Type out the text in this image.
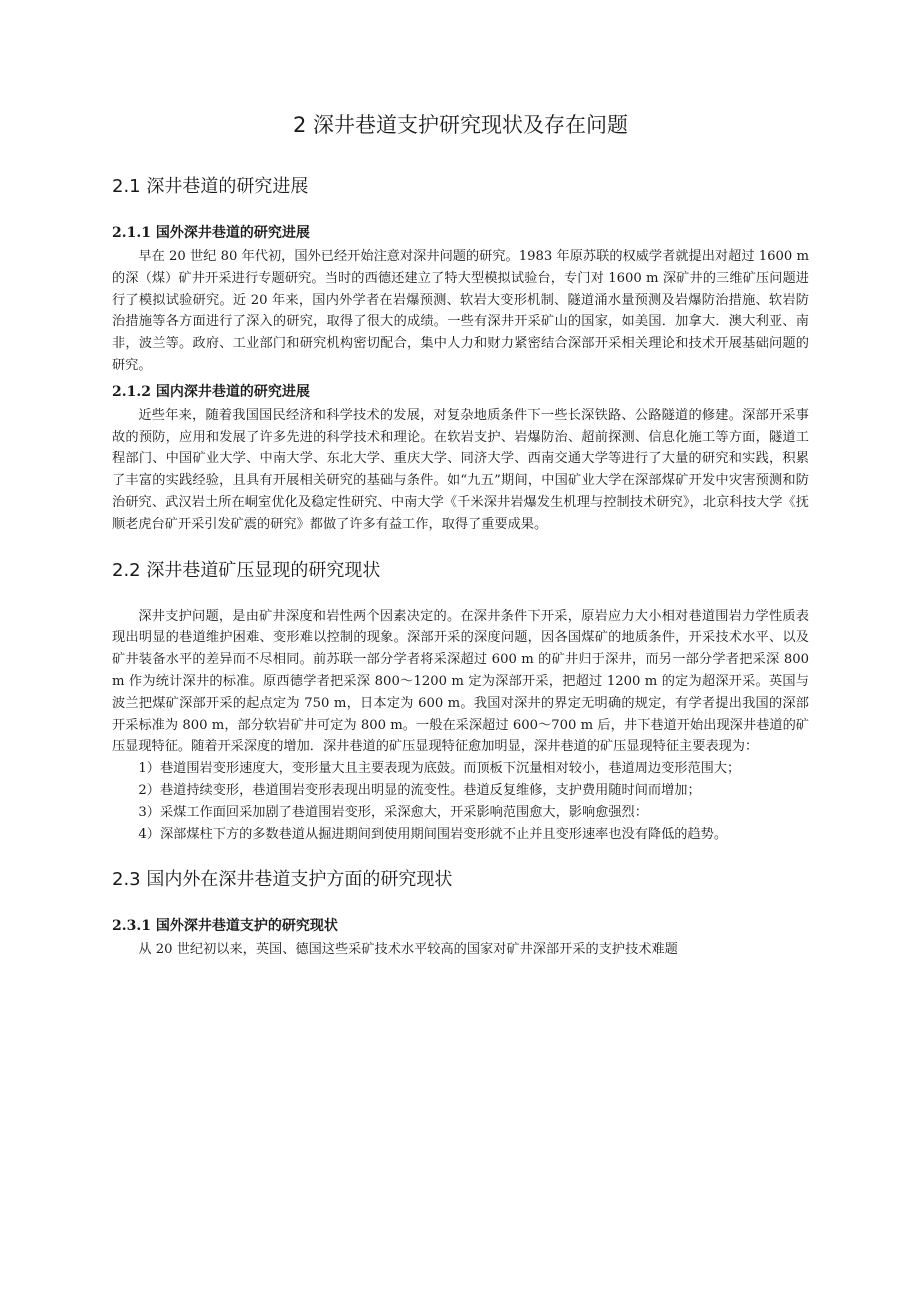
2 深井巷道支护研究现状及存在问题
2.1 深井巷道的研究进展
2.1.1 国外深井巷道的研究进展

早在 20 世纪 80 年代初，国外已经开始注意对深井问题的研究。1983 年原苏联的权威学者就提出对超过 1600 m 的深（煤）矿井开采进行专题研究。当时的西德还建立了特大型模拟试验台，专门对 1600 m 深矿井的三维矿压问题进行了模拟试验研究。近 20 年来，国内外学者在岩爆预测、软岩大变形机制、隧道涌水量预测及岩爆防治措施、软岩防治措施等各方面进行了深入的研究，取得了很大的成绩。一些有深井开采矿山的国家，如美国．加拿大．澳大利亚、南非，波兰等。政府、工业部门和研究机构密切配合，集中人力和财力紧密结合深部开采相关理论和技术开展基础问题的研究。

2.1.2 国内深井巷道的研究进展

近些年来，随着我国国民经济和科学技术的发展，对复杂地质条件下一些长深铁路、公路隧道的修建。深部开采事故的预防，应用和发展了许多先进的科学技术和理论。在软岩支护、岩爆防治、超前探测、信息化施工等方面，隧道工程部门、中国矿业大学、中南大学、东北大学、重庆大学、同济大学、西南交通大学等进行了大量的研究和实践，积累了丰富的实践经验，且具有开展相关研究的基础与条件。如“九五”期间，中国矿业大学在深部煤矿开发中灾害预测和防治研究、武汉岩土所在峒室优化及稳定性研究、中南大学《千米深井岩爆发生机理与控制技术研究》，北京科技大学《抚顺老虎台矿开采引发矿震的研究》都做了许多有益工作，取得了重要成果。

2.2 深井巷道矿压显现的研究现状

深井支护问题，是由矿井深度和岩性两个因素决定的。在深井条件下开采，原岩应力大小相对巷道围岩力学性质表现出明显的巷道维护困难、变形难以控制的现象。深部开采的深度问题，因各国煤矿的地质条件，开采技术水平、以及矿井装备水平的差异而不尽相同。前苏联一部分学者将采深超过 600 m 的矿井归于深井，而另一部分学者把采深 800 m 作为统计深井的标准。原西德学者把采深 800～1200 m 定为深部开采，把超过 1200 m 的定为超深开采。英国与波兰把煤矿深部开采的起点定为 750 m，日本定为 600 m。我国对深井的界定无明确的规定，有学者提出我国的深部开采标准为 800 m，部分软岩矿井可定为 800 m。一般在采深超过 600～700 m 后，井下巷道开始出现深井巷道的矿压显现特征。随着开采深度的增加．深井巷道的矿压显现特征愈加明显，深井巷道的矿压显现特征主要表现为：

1）巷道围岩变形速度大，变形量大且主要表现为底鼓。而顶板下沉量相对较小，巷道周边变形范围大；

2）巷道持续变形，巷道围岩变形表现出明显的流变性。巷道反复维修，支护费用随时间而增加；

3）采煤工作面回采加剧了巷道围岩变形，采深愈大，开采影响范围愈大，影响愈强烈：

4）深部煤柱下方的多数巷道从掘进期间到使用期间围岩变形就不止并且变形速率也没有降低的趋势。

2.3 国内外在深井巷道支护方面的研究现状
2.3.1 国外深井巷道支护的研究现状

从 20 世纪初以来，英国、德国这些采矿技术水平较高的国家对矿井深部开采的支护技术难题
